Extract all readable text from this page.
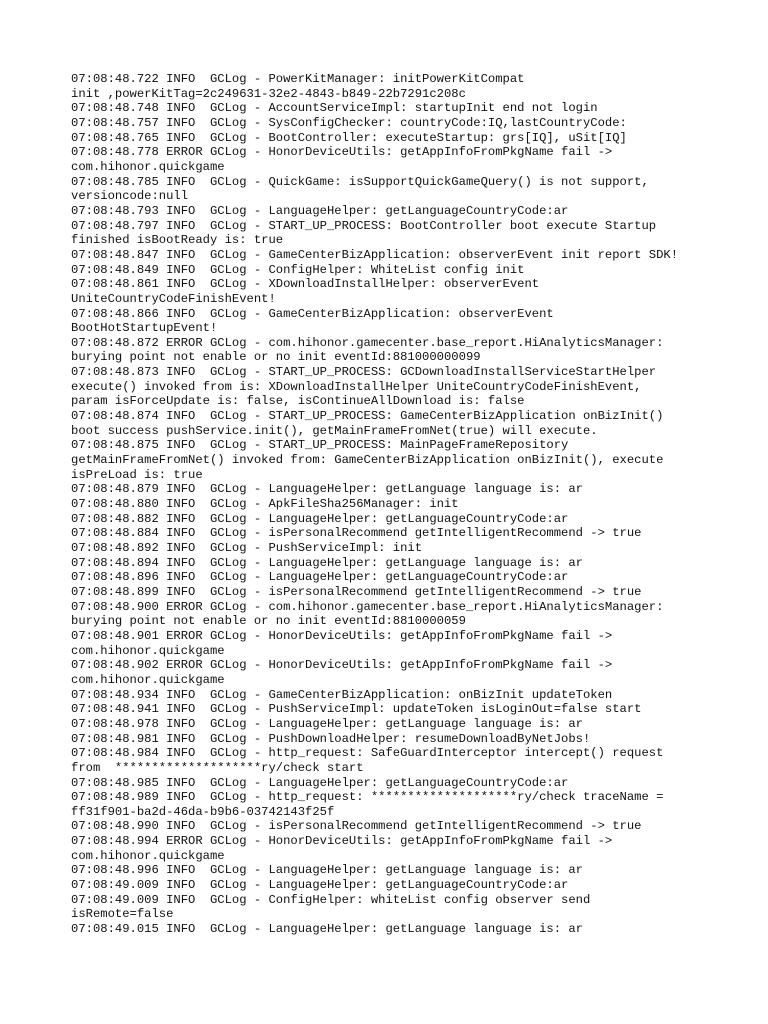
07:08:48.722 INFO  GCLog - PowerKitManager: initPowerKitCompat
init ,powerKitTag=2c249631-32e2-4843-b849-22b7291c208c
07:08:48.748 INFO  GCLog - AccountServiceImpl: startupInit end not login
07:08:48.757 INFO  GCLog - SysConfigChecker: countryCode:IQ,lastCountryCode:
07:08:48.765 INFO  GCLog - BootController: executeStartup: grs[IQ], uSit[IQ]
07:08:48.778 ERROR GCLog - HonorDeviceUtils: getAppInfoFromPkgName fail ->
com.hihonor.quickgame
07:08:48.785 INFO  GCLog - QuickGame: isSupportQuickGameQuery() is not support,
versioncode:null
07:08:48.793 INFO  GCLog - LanguageHelper: getLanguageCountryCode:ar
07:08:48.797 INFO  GCLog - START_UP_PROCESS: BootController boot execute Startup
finished isBootReady is: true
07:08:48.847 INFO  GCLog - GameCenterBizApplication: observerEvent init report SDK!
07:08:48.849 INFO  GCLog - ConfigHelper: WhiteList config init
07:08:48.861 INFO  GCLog - XDownloadInstallHelper: observerEvent
UniteCountryCodeFinishEvent!
07:08:48.866 INFO  GCLog - GameCenterBizApplication: observerEvent
BootHotStartupEvent!
07:08:48.872 ERROR GCLog - com.hihonor.gamecenter.base_report.HiAnalyticsManager:
burying point not enable or no init eventId:881000000099
07:08:48.873 INFO  GCLog - START_UP_PROCESS: GCDownloadInstallServiceStartHelper
execute() invoked from is: XDownloadInstallHelper UniteCountryCodeFinishEvent,
param isForceUpdate is: false, isContinueAllDownload is: false
07:08:48.874 INFO  GCLog - START_UP_PROCESS: GameCenterBizApplication onBizInit()
boot success pushService.init(), getMainFrameFromNet(true) will execute.
07:08:48.875 INFO  GCLog - START_UP_PROCESS: MainPageFrameRepository
getMainFrameFromNet() invoked from: GameCenterBizApplication onBizInit(), execute
isPreLoad is: true
07:08:48.879 INFO  GCLog - LanguageHelper: getLanguage language is: ar
07:08:48.880 INFO  GCLog - ApkFileSha256Manager: init
07:08:48.882 INFO  GCLog - LanguageHelper: getLanguageCountryCode:ar
07:08:48.884 INFO  GCLog - isPersonalRecommend getIntelligentRecommend -> true
07:08:48.892 INFO  GCLog - PushServiceImpl: init
07:08:48.894 INFO  GCLog - LanguageHelper: getLanguage language is: ar
07:08:48.896 INFO  GCLog - LanguageHelper: getLanguageCountryCode:ar
07:08:48.899 INFO  GCLog - isPersonalRecommend getIntelligentRecommend -> true
07:08:48.900 ERROR GCLog - com.hihonor.gamecenter.base_report.HiAnalyticsManager:
burying point not enable or no init eventId:8810000059
07:08:48.901 ERROR GCLog - HonorDeviceUtils: getAppInfoFromPkgName fail ->
com.hihonor.quickgame
07:08:48.902 ERROR GCLog - HonorDeviceUtils: getAppInfoFromPkgName fail ->
com.hihonor.quickgame
07:08:48.934 INFO  GCLog - GameCenterBizApplication: onBizInit updateToken
07:08:48.941 INFO  GCLog - PushServiceImpl: updateToken isLoginOut=false start
07:08:48.978 INFO  GCLog - LanguageHelper: getLanguage language is: ar
07:08:48.981 INFO  GCLog - PushDownloadHelper: resumeDownloadByNetJobs!
07:08:48.984 INFO  GCLog - http_request: SafeGuardInterceptor intercept() request
from  ********************ry/check start
07:08:48.985 INFO  GCLog - LanguageHelper: getLanguageCountryCode:ar
07:08:48.989 INFO  GCLog - http_request: ********************ry/check traceName =
ff31f901-ba2d-46da-b9b6-03742143f25f
07:08:48.990 INFO  GCLog - isPersonalRecommend getIntelligentRecommend -> true
07:08:48.994 ERROR GCLog - HonorDeviceUtils: getAppInfoFromPkgName fail ->
com.hihonor.quickgame
07:08:48.996 INFO  GCLog - LanguageHelper: getLanguage language is: ar
07:08:49.009 INFO  GCLog - LanguageHelper: getLanguageCountryCode:ar
07:08:49.009 INFO  GCLog - ConfigHelper: whiteList config observer send
isRemote=false
07:08:49.015 INFO  GCLog - LanguageHelper: getLanguage language is: ar
